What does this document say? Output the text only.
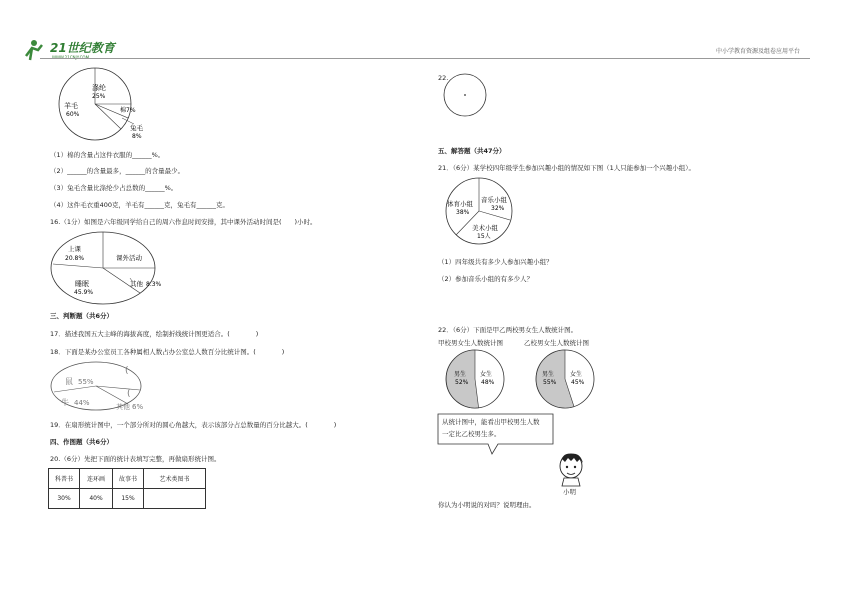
21世纪教育
WWW.21CNJY.COM
中小学教育资源及组卷应用平台
涤纶
25%
棉 7%
兔毛
8%
羊毛
60%
（1）棉的含量占这件衣服的______%。
（2）______的含量最多，______的含量最少。
（3）兔毛含量比涤纶少占总数的______%。
（4）这件毛衣重400克，羊毛有______克，兔毛有______克。
16.（1分）如图是六年级同学给自己的周六作息时间安排，其中课外活动时间是(　　)小时。
上课
20.8%	课外活动
其他 8.3%
睡眠
45.9%
三、判断题（共6分）
17．描述我国五大主峰的海拔高度，绘制折线统计图更适合。(　　　　)
18．下面是某办公室员工各种属相人数占办公室总人数百分比统计图。(　　　　)
鼠 55%
牛 44%	其他 6%
(
(
19．在扇形统计图中，一个部分所对的圆心角越大，表示该部分占总数量的百分比越大。(　　　　)
四、作图题（共6分）
20.（6分）先把下面的统计表填写完整，再做扇形统计图。
科普书	连环画	故事书	艺术类图书
30%	40%	15%	
22.
五、解答题（共47分）
21．（6分）某学校四年级学生参加兴趣小组的情况如下图（1人只能参加一个兴趣小组）。
体育小组
38%
音乐小组
32%
美术小组
15人
（1）四年级共有多少人参加兴趣小组？
（2）参加音乐小组的有多少人？
22．（6分）下面是甲乙两校男女生人数统计图。
甲校男女生人数统计图	乙校男女生人数统计图
男生
52%
女生
48%
男生
55%
女生
45%
从统计图中，能看出甲校男生人数
一定比乙校男生多。
小明
你认为小明说的对吗？说明理由。
